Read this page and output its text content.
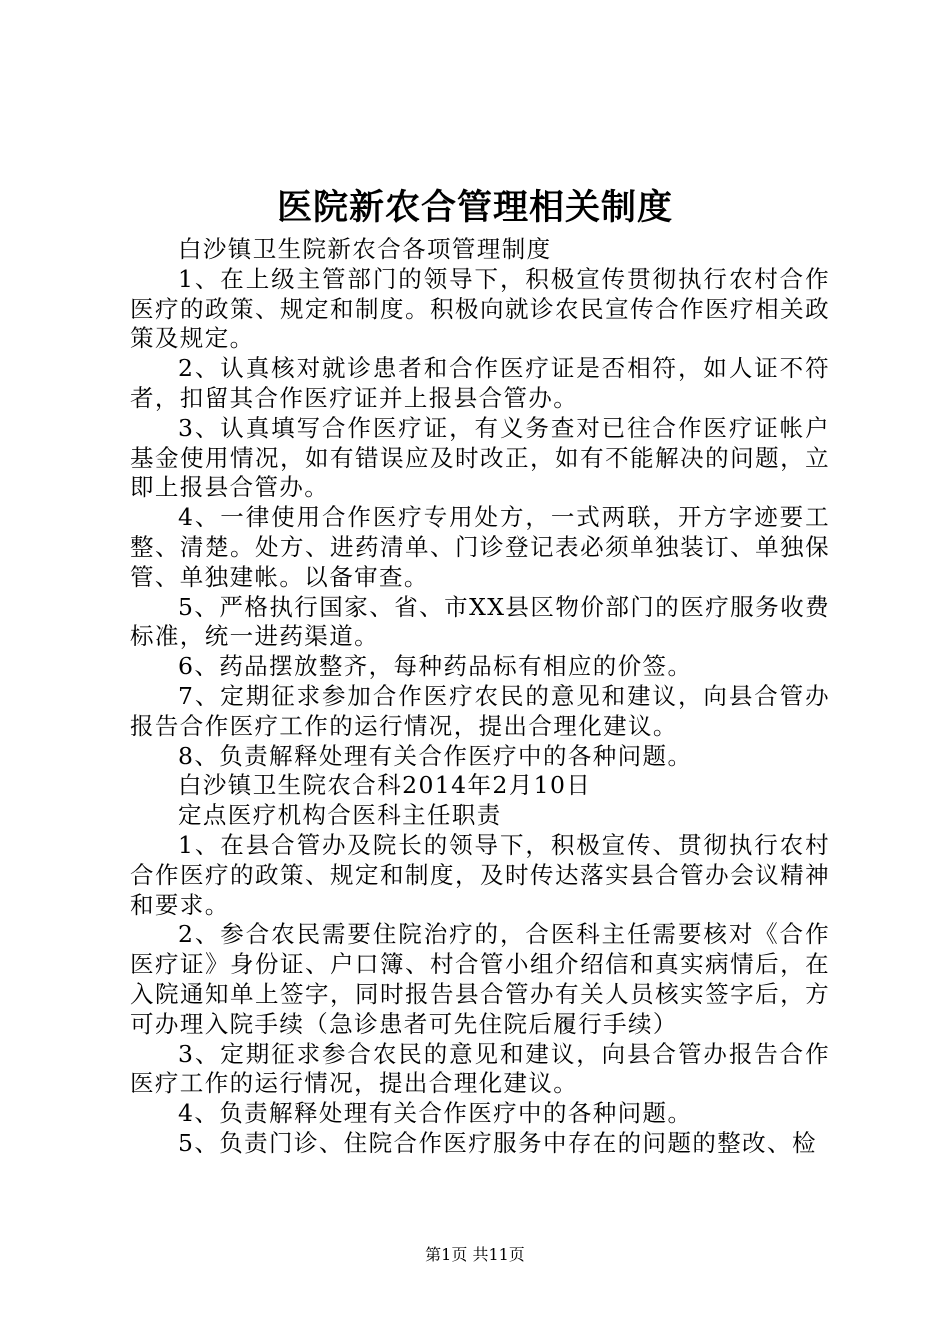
医院新农合管理相关制度

白沙镇卫生院新农合各项管理制度

1、在上级主管部门的领导下，积极宣传贯彻执行农村合作医疗的政策、规定和制度。积极向就诊农民宣传合作医疗相关政策及规定。

2、认真核对就诊患者和合作医疗证是否相符，如人证不符者，扣留其合作医疗证并上报县合管办。

3、认真填写合作医疗证，有义务查对已往合作医疗证帐户基金使用情况，如有错误应及时改正，如有不能解决的问题，立即上报县合管办。

4、一律使用合作医疗专用处方，一式两联，开方字迹要工整、清楚。处方、进药清单、门诊登记表必须单独装订、单独保管、单独建帐。以备审查。

5、严格执行国家、省、市XX县区物价部门的医疗服务收费标准，统一进药渠道。

6、药品摆放整齐，每种药品标有相应的价签。

7、定期征求参加合作医疗农民的意见和建议，向县合管办报告合作医疗工作的运行情况，提出合理化建议。

8、负责解释处理有关合作医疗中的各种问题。

白沙镇卫生院农合科2014年2月10日

定点医疗机构合医科主任职责

1、在县合管办及院长的领导下，积极宣传、贯彻执行农村合作医疗的政策、规定和制度，及时传达落实县合管办会议精神和要求。

2、参合农民需要住院治疗的，合医科主任需要核对《合作医疗证》身份证、户口簿、村合管小组介绍信和真实病情后，在入院通知单上签字，同时报告县合管办有关人员核实签字后，方可办理入院手续（急诊患者可先住院后履行手续）

3、定期征求参合农民的意见和建议，向县合管办报告合作医疗工作的运行情况，提出合理化建议。

4、负责解释处理有关合作医疗中的各种问题。

5、负责门诊、住院合作医疗服务中存在的问题的整改、检

第1页 共11页
